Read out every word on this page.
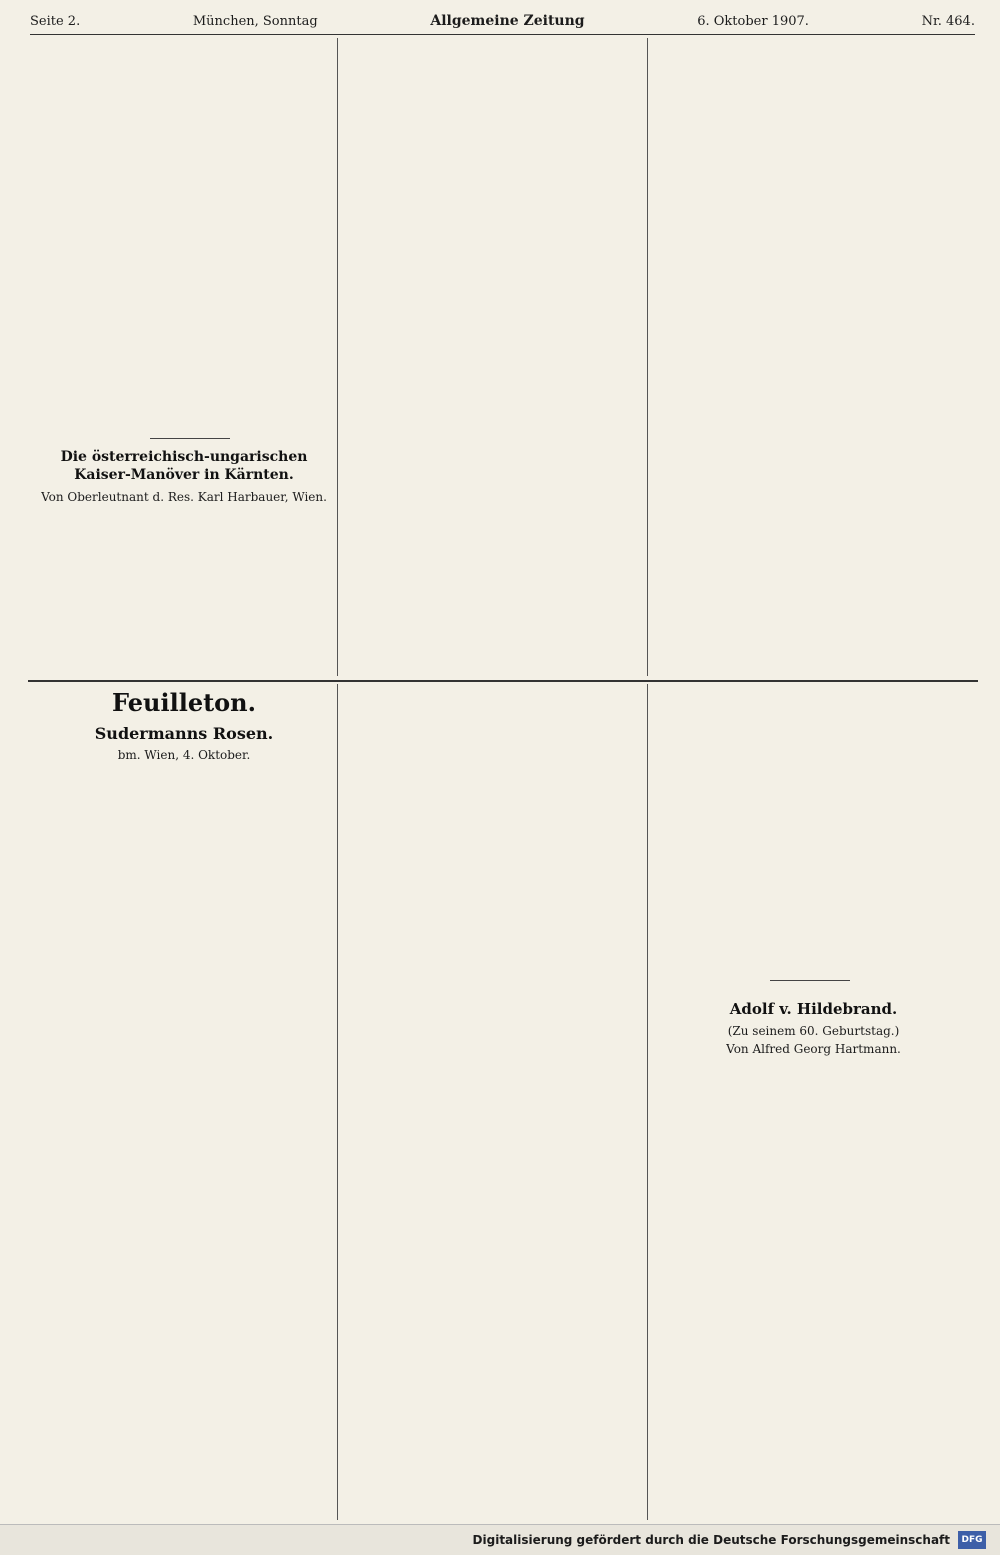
Seite 2.	München, Sonntag	Allgemeine Zeitung	6. Oktober 1907.	Nr. 464.
Die österreichisch-ungarischen Kaiser-Manöver in Kärnten.
Von Oberleutnant d. Res. Karl Harbauer, Wien.
Feuilleton.
Sudermanns Rosen.
bm. Wien, 4. Oktober.
Adolf v. Hildebrand.
(Zu seinem 60. Geburtstag.)
Von Alfred Georg Hartmann.
Digitalisierung gefördert durch die Deutsche Forschungsgemeinschaft	DFG
